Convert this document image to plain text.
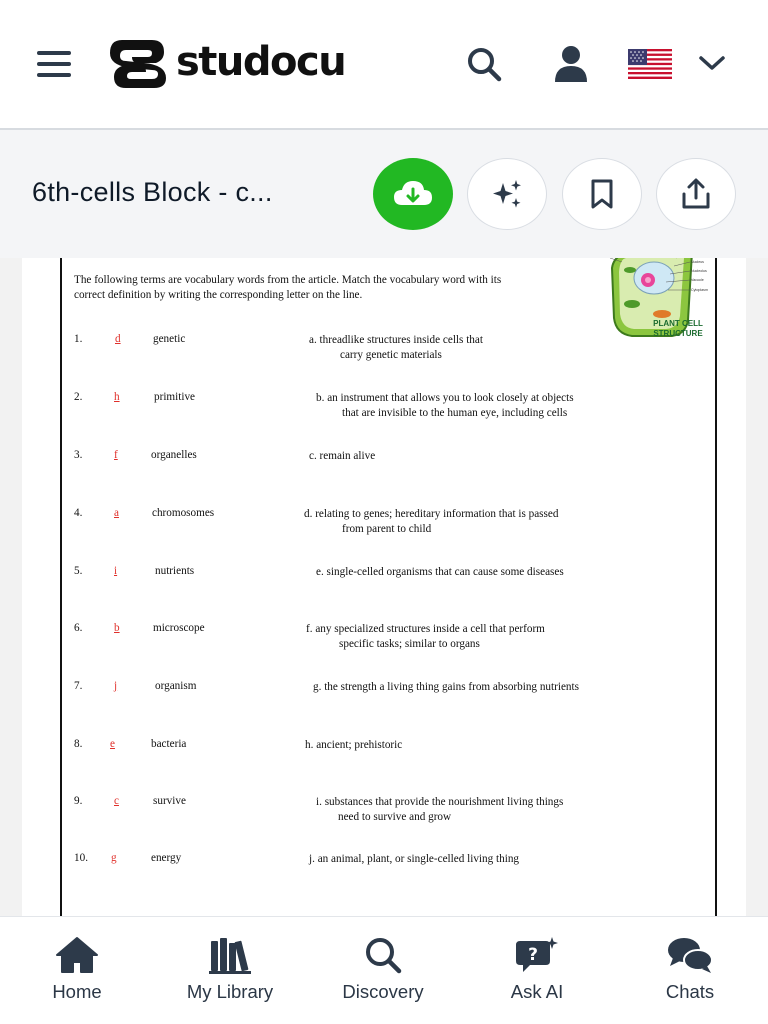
studocu
6th-cells Block - c...
The following terms are vocabulary words from the article. Match the vocabulary word with its correct definition by writing the corresponding letter on the line.
Nucleus
Nucleolus
Vacuole
Cytoplasm
PLANT CELL
STRUCTURE
1.	d	genetic	a. threadlike structures inside cells that
carry genetic materials
2.	h	primitive	b. an instrument that allows you to look closely at objects
that are invisible to the human eye, including cells
3.	f	organelles	c. remain alive
4.	a	chromosomes	d. relating to genes; hereditary information that is passed
from parent to child
5.	i	nutrients	e. single-celled organisms that can cause some diseases
6.	b	microscope	f. any specialized structures inside a cell that perform
specific tasks; similar to organs
7.	j	organism	g. the strength a living thing gains from absorbing nutrients
8. e	bacteria	h. ancient; prehistoric
9.	c	survive	i. substances that provide the nourishment living things
need to survive and grow
10. g	energy	j. an animal, plant, or single-celled living thing
Home	My Library	Discovery
?
Ask AI	Chats
